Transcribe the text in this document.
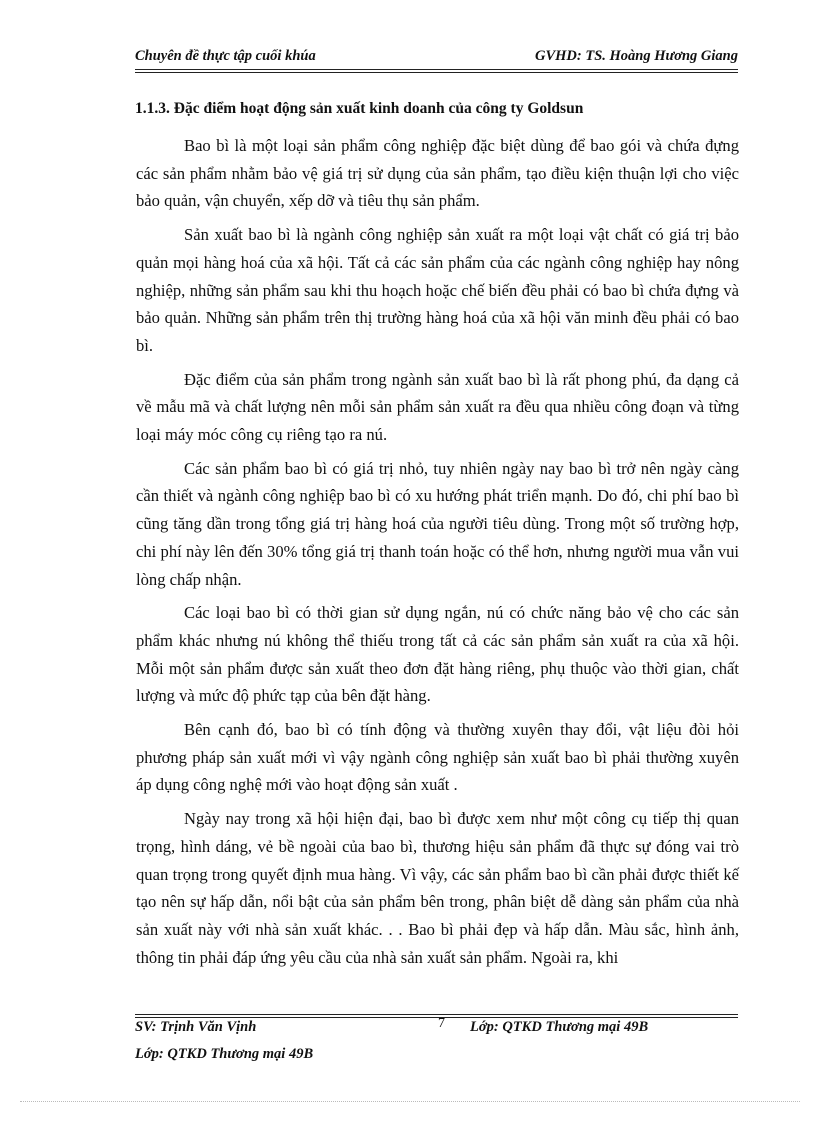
Chuyên đề thực tập cuối khúa	GVHD: TS. Hoàng Hương Giang
1.1.3. Đặc điểm hoạt động sản xuất kinh doanh của công ty Goldsun

Bao bì là một loại sản phẩm công nghiệp đặc biệt dùng để bao gói và chứa đựng các sản phẩm nhằm bảo vệ giá trị sử dụng của sản phẩm, tạo điều kiện thuận lợi cho việc bảo quản, vận chuyển, xếp dỡ và tiêu thụ sản phẩm.

Sản xuất bao bì là ngành công nghiệp sản xuất ra một loại vật chất có giá trị bảo quản mọi hàng hoá của xã hội. Tất cả các sản phẩm của các ngành công nghiệp hay nông nghiệp, những sản phẩm sau khi thu hoạch hoặc chế biến đều phải có bao bì chứa đựng và bảo quản. Những sản phẩm trên thị trường hàng hoá của xã hội văn minh đều phải có bao bì.

Đặc điểm của sản phẩm trong ngành sản xuất bao bì là rất phong phú, đa dạng cả về mẫu mã và chất lượng nên mỗi sản phẩm sản xuất ra đều qua nhiều công đoạn và từng loại máy móc công cụ riêng tạo ra nú.

Các sản phẩm bao bì có giá trị nhỏ, tuy nhiên ngày nay bao bì trở nên ngày càng cần thiết và ngành công nghiệp bao bì có xu hướng phát triển mạnh. Do đó, chi phí bao bì cũng tăng dần trong tổng giá trị hàng hoá của người tiêu dùng. Trong một số trường hợp, chi phí này lên đến 30% tổng giá trị thanh toán hoặc có thể hơn, nhưng người mua vẫn vui lòng chấp nhận.

Các loại bao bì có thời gian sử dụng ngắn, nú có chức năng bảo vệ cho các sản phẩm khác nhưng nú không thể thiếu trong tất cả các sản phẩm sản xuất ra của xã hội. Mỗi một sản phẩm được sản xuất theo đơn đặt hàng riêng, phụ thuộc vào thời gian, chất lượng và mức độ phức tạp của bên đặt hàng.

Bên cạnh đó, bao bì có tính động và thường xuyên thay đổi, vật liệu đòi hỏi phương pháp sản xuất mới vì vậy ngành công nghiệp sản xuất bao bì phải thường xuyên áp dụng công nghệ mới vào hoạt động sản xuất .

Ngày nay trong xã hội hiện đại, bao bì được xem như một công cụ tiếp thị quan trọng, hình dáng, vẻ bề ngoài của bao bì, thương hiệu sản phẩm đã thực sự đóng vai trò quan trọng trong quyết định mua hàng. Vì vậy, các sản phẩm bao bì cần phải được thiết kế tạo nên sự hấp dẫn, nổi bật của sản phẩm bên trong, phân biệt dễ dàng sản phẩm của nhà sản xuất này với nhà sản xuất khác. . . Bao bì phải đẹp và hấp dẫn. Màu sắc, hình ảnh, thông tin phải đáp ứng yêu cầu của nhà sản xuất sản phẩm. Ngoài ra, khi

SV: Trịnh Văn Vịnh	7 Lớp: QTKD Thương mại 49B
Lớp: QTKD Thương mại 49B
